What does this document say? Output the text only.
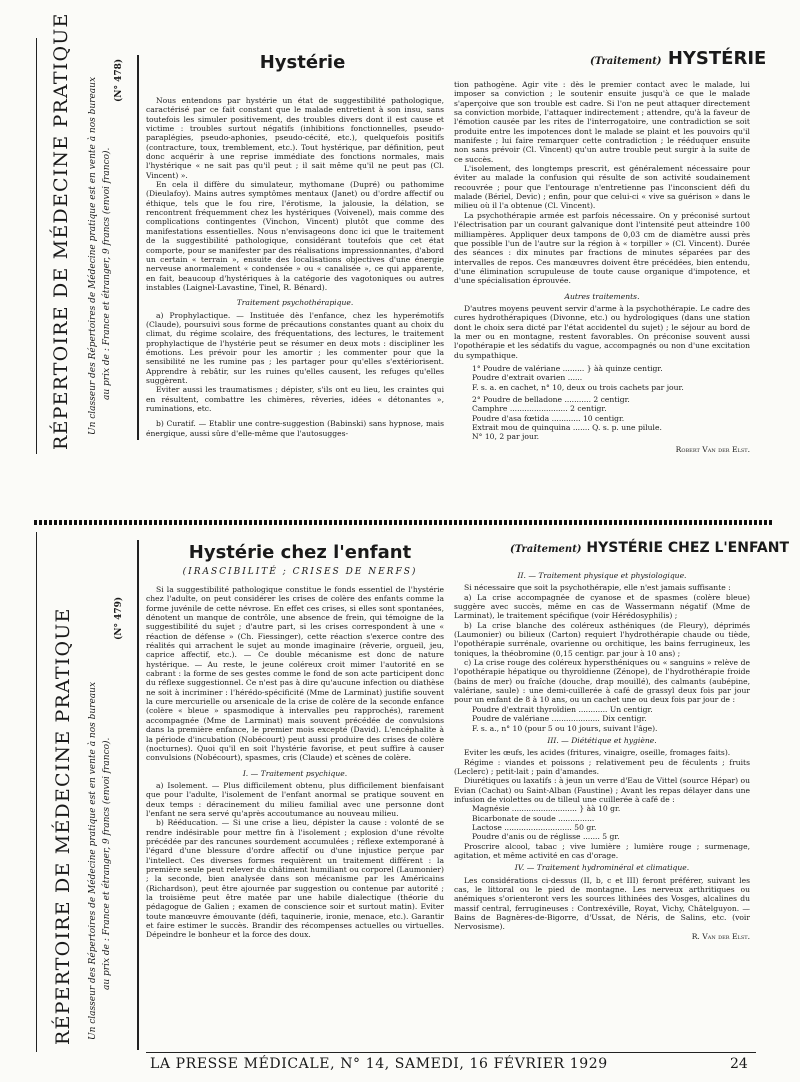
RÉPERTOIRE DE MÉDECINE PRATIQUE Un classeur des Répertoires de Médecine pratique est en vente à nos bureaux au prix de : France et étranger, 9 francs (envoi franco).
(N° 478)	Hystérie	(Traitement) HYSTÉRIE

Nous entendons par hystérie un état de suggestibilité pathologique, caractérisé par ce fait constant que le malade entretient à son insu, sans toutefois les simuler positivement, des troubles divers dont il est cause et victime : troubles surtout négatifs (inhibitions fonctionnelles, pseudo-paraplégies, pseudo-aphonies, pseudo-cécité, etc.), quelquefois positifs (contracture, toux, tremblement, etc.). Tout hystérique, par définition, peut donc acquérir à une reprise immédiate des fonctions normales, mais l'hystérique « ne sait pas qu'il peut ; il sait même qu'il ne peut pas (Cl. Vincent) ».

En cela il diffère du simulateur, mythomane (Dupré) ou pathomime (Dieulafoy). Mains autres symptômes mentaux (Janet) ou d'ordre affectif ou éthique, tels que le fou rire, l'érotisme, la jalousie, la délation, se rencontrent fréquemment chez les hystériques (Voivenel), mais comme des complications contingentes (Vinchon, Vincent) plutôt que comme des manifestations essentielles. Nous n'envisageons donc ici que le traitement de la suggestibilité pathologique, considérant toutefois que cet état comporte, pour se manifester par des réalisations impressionnantes, d'abord un certain « terrain », ensuite des localisations objectives d'une énergie nerveuse anormalement « condensée » ou « canalisée », ce qui apparente, en fait, beaucoup d'hystériques à la catégorie des vagotoniques ou autres instables (Laignel-Lavastine, Tinel, R. Bénard).

Traitement psychothérapique.

a) Prophylactique. — Instituée dès l'enfance, chez les hyperémotifs (Claude), poursuivi sous forme de précautions constantes quant au choix du climat, du régime scolaire, des fréquentations, des lectures, le traitement prophylactique de l'hystérie peut se résumer en deux mots : discipliner les émotions. Les prévoir pour les amortir ; les commenter pour que la sensibilité ne les rumine pas ; les partager pour qu'elles s'extériorisent. Apprendre à rebâtir, sur les ruines qu'elles causent, les refuges qu'elles suggèrent.

Eviter aussi les traumatismes ; dépister, s'ils ont eu lieu, les craintes qui en résultent, combattre les chimères, rêveries, idées « détonantes », ruminations, etc.

b) Curatif. — Etablir une contre-suggestion (Babinski) sans hypnose, mais énergique, aussi sûre d'elle-même que l'autosugges-

tion pathogène. Agir vite : dès le premier contact avec le malade, lui imposer sa conviction ; le soutenir ensuite jusqu'à ce que le malade s'aperçoive que son trouble est cadre. Si l'on ne peut attaquer directement sa conviction morbide, l'attaquer indirectement ; attendre, qu'à la faveur de l'émotion causée par les rites de l'interrogatoire, une contradiction se soit produite entre les impotences dont le malade se plaint et les pouvoirs qu'il manifeste ; lui faire remarquer cette contradiction ; le rééduquer ensuite non sans prévoir (Cl. Vincent) qu'un autre trouble peut surgir à la suite de ce succès.

L'isolement, des longtemps prescrit, est généralement nécessaire pour éviter au malade la confusion qui résulte de son activité soudainement recouvrée ; pour que l'entourage n'entretienne pas l'inconscient défi du malade (Bériel, Devic) ; enfin, pour que celui-ci « vive sa guérison » dans le milieu où il l'a obtenue (Cl. Vincent).

La psychothérapie armée est parfois nécessaire. On y préconisé surtout l'électrisation par un courant galvanique dont l'intensité peut atteindre 100 milliampères. Appliquer deux tampons de 0,03 cm de diamètre aussi près que possible l'un de l'autre sur la région à « torpiller » (Cl. Vincent). Durée des séances : dix minutes par fractions de minutes séparées par des intervalles de repos. Ces manœuvres doivent être précédées, bien entendu, d'une élimination scrupuleuse de toute cause organique d'impotence, et d'une spécialisation éprouvée.

Autres traitements.

D'autres moyens peuvent servir d'arme à la psychothérapie. Le cadre des cures hydrothérapiques (Divonne, etc.) ou hydrologiques (dans une station dont le choix sera dicté par l'état accidentel du sujet) ; le séjour au bord de la mer ou en montagne, restent favorables. On préconise souvent aussi l'opothérapie et les sédatifs du vague, accompagnés ou non d'une excitation du sympathique.

1° Poudre de valériane ......... } àà quinze centigr.

Poudre d'extrait ovarien ......

F. s. a. en cachet, n° 10, deux ou trois cachets par jour.

2° Poudre de belladone ........... 2 centigr.

Camphre ........................ 2 centigr.

Poudre d'asa fœtida ............ 10 centigr.

Extrait mou de quinquina ....... Q. s. p. une pilule.

N° 10, 2 par jour.

Robert Van der Elst.

RÉPERTOIRE DE MÉDECINE PRATIQUE Un classeur des Répertoires de Médecine pratique est en vente à nos bureaux au prix de : France et étranger, 9 francs (envoi franco).
(N° 479)
Hystérie chez l'enfant
(IRASCIBILITÉ ; CRISES DE NERFS)
(Traitement) HYSTÉRIE CHEZ L'ENFANT

Si la suggestibilité pathologique constitue le fonds essentiel de l'hystérie chez l'adulte, on peut considérer les crises de colère des enfants comme la forme juvénile de cette névrose. En effet ces crises, si elles sont spontanées, dénotent un manque de contrôle, une absence de frein, qui témoigne de la suggestibilité du sujet ; d'autre part, si les crises correspondent à une « réaction de défense » (Ch. Fiessinger), cette réaction s'exerce contre des réalités qui arrachent le sujet au monde imaginaire (rêverie, orgueil, jeu, caprice affectif, etc.). — Ce double mécanisme est donc de nature hystérique. — Au reste, le jeune coléreux croit mimer l'autorité en se cabrant : la forme de ses gestes comme le fond de son acte participent donc du réflexe suggestionnel. Ce n'est pas à dire qu'aucune infection ou diathèse ne soit à incriminer : l'hérédo-spécificité (Mme de Larminat) justifie souvent la cure mercurielle ou arsenicale de la crise de colère de la seconde enfance (colère « bleue » spasmodique à intervalles peu rapprochés), rarement accompagnée (Mme de Larminat) mais souvent précédée de convulsions dans la première enfance, le premier mois excepté (David). L'encéphalite à la période d'incubation (Nobécourt) peut aussi produire des crises de colère (nocturnes). Quoi qu'il en soit l'hystérie favorise, et peut suffire à causer convulsions (Nobécourt), spasmes, cris (Claude) et scènes de colère.

I. — Traitement psychique.

a) Isolement. — Plus difficilement obtenu, plus difficilement bienfaisant que pour l'adulte, l'isolement de l'enfant anormal se pratique souvent en deux temps : déracinement du milieu familial avec une personne dont l'enfant ne sera servé qu'après accoutumance au nouveau milieu.

b) Rééducation. — Si une crise a lieu, dépister la cause : volonté de se rendre indésirable pour mettre fin à l'isolement ; explosion d'une révolte précédée par des rancunes sourdement accumulées ; réflexe extemporané à l'égard d'une blessure d'ordre affectif ou d'une injustice perçue par l'intellect. Ces diverses formes requièrent un traitement différent : la première seule peut relever du châtiment humiliant ou corporel (Laumonier) ; la seconde, bien analysée dans son mécanisme par les Américains (Richardson), peut être ajournée par suggestion ou contenue par autorité ; la troisième peut être matée par une habile dialectique (théorie du pédagogue de Galien ; examen de conscience soir et surtout matin). Eviter toute manœuvre émouvante (défi, taquinerie, ironie, menace, etc.). Garantir et faire estimer le succès. Brandir des récompenses actuelles ou virtuelles. Dépeindre le bonheur et la force des doux.

II. — Traitement physique et physiologique.

Si nécessaire que soit la psychothérapie, elle n'est jamais suffisante :

a) La crise accompagnée de cyanose et de spasmes (colère bleue) suggère avec succès, même en cas de Wassermann négatif (Mme de Larminat), le traitement spécifique (voir Hérédosyphilis) ;

b) La crise blanche des coléreux asthéniques (de Fleury), déprimés (Laumonier) ou bilieux (Carton) requiert l'hydrothérapie chaude ou tiède, l'opothérapie surrénale, ovarienne ou orchitique, les bains ferrugineux, les toniques, la théobromine (0,15 centigr. par jour à 10 ans) ;

c) La crise rouge des coléreux hypersthéniques ou « sanguins » relève de l'opothérapie hépatique ou thyroïdienne (Zénope), de l'hydrothérapie froide (bains de mer) ou fraîche (douche, drap mouillé), des calmants (aubépine, valériane, saule) : une demi-cuillerée à café de grassyl deux fois par jour pour un enfant de 8 à 10 ans, ou un cachet une ou deux fois par jour de :

Poudre d'extrait thyroïdien ............ Un centigr.

Poudre de valériane .................... Dix centigr.

F. s. a., n° 10 (pour 5 ou 10 jours, suivant l'âge).

III. — Diététique et hygiène.

Eviter les œufs, les acides (fritures, vinaigre, oseille, fromages faits).

Régime : viandes et poissons ; relativement peu de féculents ; fruits (Leclerc) ; petit-lait ; pain d'amandes.

Diurétiques ou laxatifs : à jeun un verre d'Eau de Vittel (source Hépar) ou Evian (Cachat) ou Saint-Alban (Faustine) ; Avant les repas délayer dans une infusion de violettes ou de tilleul une cuillerée à café de :

Magnésie ........................... } àà 10 gr.

Bicarbonate de soude ...............

Lactose ............................ 50 gr.

Poudre d'anis ou de réglisse ....... 5 gr.

Proscrire alcool, tabac ; vive lumière ; lumière rouge ; surmenage, agitation, et même activité en cas d'orage.

IV. — Traitement hydrominéral et climatique.

Les considérations ci-dessus (II, b, c et III) feront préférer, suivant les cas, le littoral ou le pied de montagne. Les nerveux arthritiques ou anémiques s'orienteront vers les sources lithinées des Vosges, alcalines du massif central, ferrugineuses : Contrexéville, Royat, Vichy, Châtelguyon. — Bains de Bagnères-de-Bigorre, d'Ussat, de Néris, de Salins, etc. (voir Nervosisme).

R. Van der Elst.

LA PRESSE MÉDICALE, N° 14, SAMEDI, 16 FÉVRIER 1929	24
